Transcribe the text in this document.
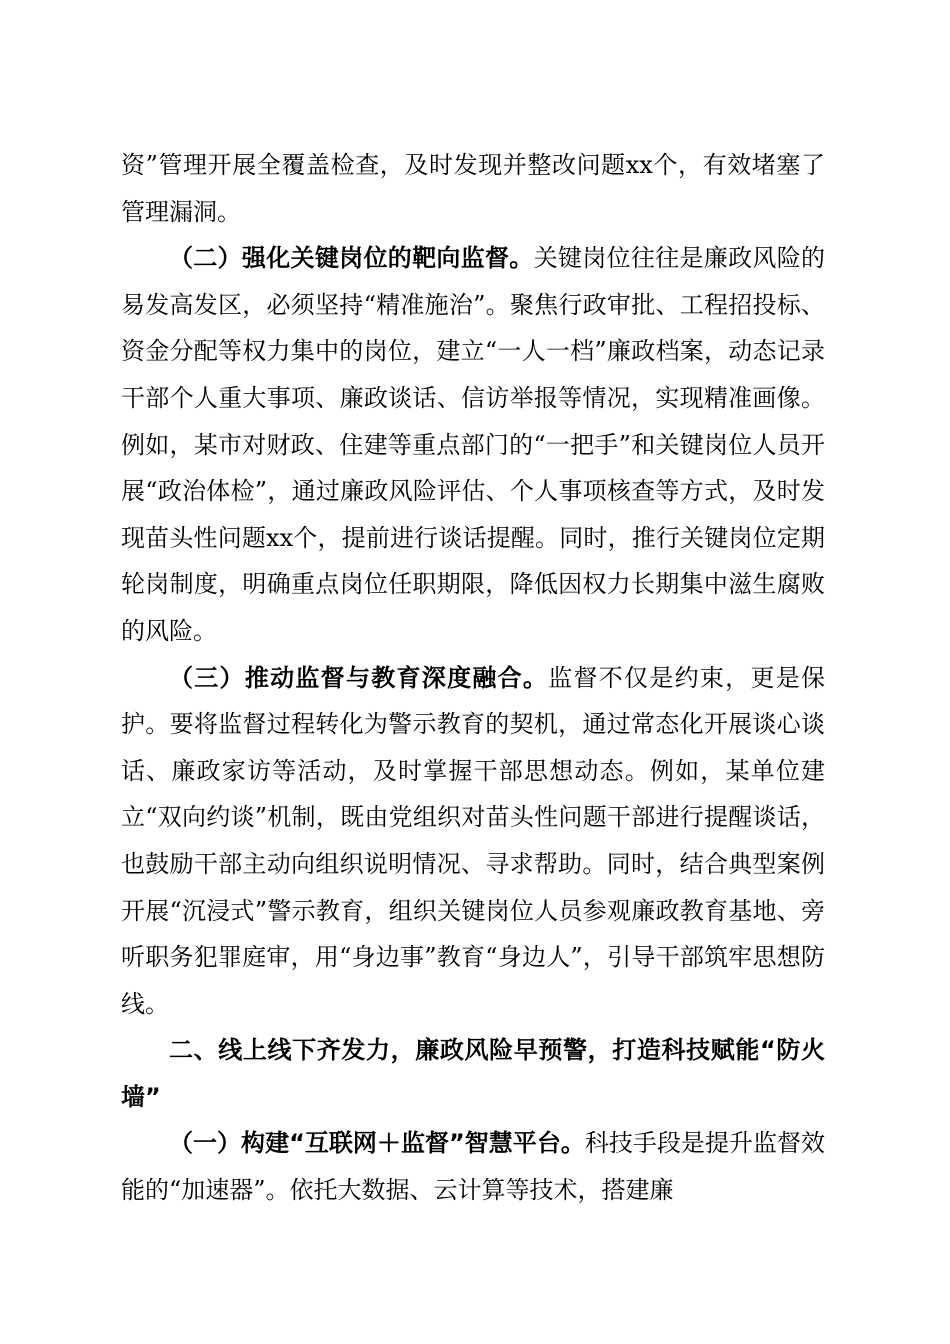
资”管理开展全覆盖检查，及时发现并整改问题xx个，有效堵塞了管理漏洞。

（二）强化关键岗位的靶向监督。关键岗位往往是廉政风险的易发高发区，必须坚持“精准施治”。聚焦行政审批、工程招投标、资金分配等权力集中的岗位，建立“一人一档”廉政档案，动态记录干部个人重大事项、廉政谈话、信访举报等情况，实现精准画像。例如，某市对财政、住建等重点部门的“一把手”和关键岗位人员开展“政治体检”，通过廉政风险评估、个人事项核查等方式，及时发现苗头性问题xx个，提前进行谈话提醒。同时，推行关键岗位定期轮岗制度，明确重点岗位任职期限，降低因权力长期集中滋生腐败的风险。

（三）推动监督与教育深度融合。监督不仅是约束，更是保护。要将监督过程转化为警示教育的契机，通过常态化开展谈心谈话、廉政家访等活动，及时掌握干部思想动态。例如，某单位建立“双向约谈”机制，既由党组织对苗头性问题干部进行提醒谈话，也鼓励干部主动向组织说明情况、寻求帮助。同时，结合典型案例开展“沉浸式”警示教育，组织关键岗位人员参观廉政教育基地、旁听职务犯罪庭审，用“身边事”教育“身边人”，引导干部筑牢思想防线。

二、线上线下齐发力，廉政风险早预警，打造科技赋能“防火墙”

（一）构建“互联网＋监督”智慧平台。科技手段是提升监督效能的“加速器”。依托大数据、云计算等技术，搭建廉
